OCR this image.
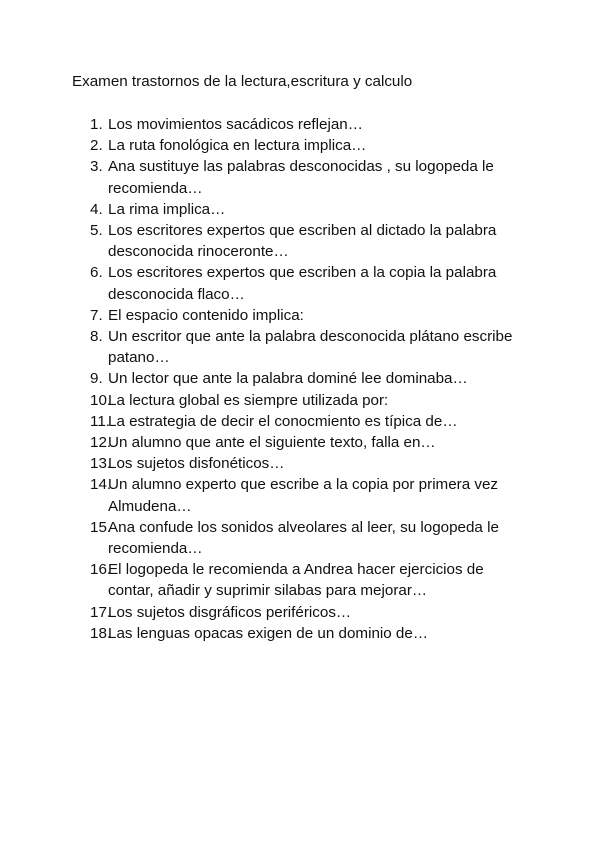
Examen trastornos de la lectura,escritura y calculo
1. Los movimientos sacádicos reflejan…
2. La ruta fonológica en lectura implica…
3. Ana sustituye las palabras desconocidas , su logopeda le recomienda…
4. La rima implica…
5. Los escritores expertos que escriben al dictado la palabra desconocida rinoceronte…
6. Los escritores expertos que escriben a la copia la palabra desconocida flaco…
7. El espacio contenido implica:
8. Un escritor que ante la palabra desconocida plátano escribe patano…
9. Un lector que ante la palabra dominé lee dominaba…
10.
La lectura global es siempre utilizada por:
11.
La estrategia de decir el conocmiento es típica de…
12.
Un alumno que ante el siguiente texto, falla en…
13.
Los sujetos disfonéticos…
14.
Un alumno experto que escribe a la copia por primera vez Almudena…
15.
Ana confude los sonidos alveolares al leer, su logopeda le recomienda…
16.
El logopeda le recomienda a Andrea hacer ejercicios de contar, añadir y suprimir silabas para mejorar…
17.
Los sujetos disgráficos periféricos…
18.
Las lenguas opacas exigen de un dominio de…
